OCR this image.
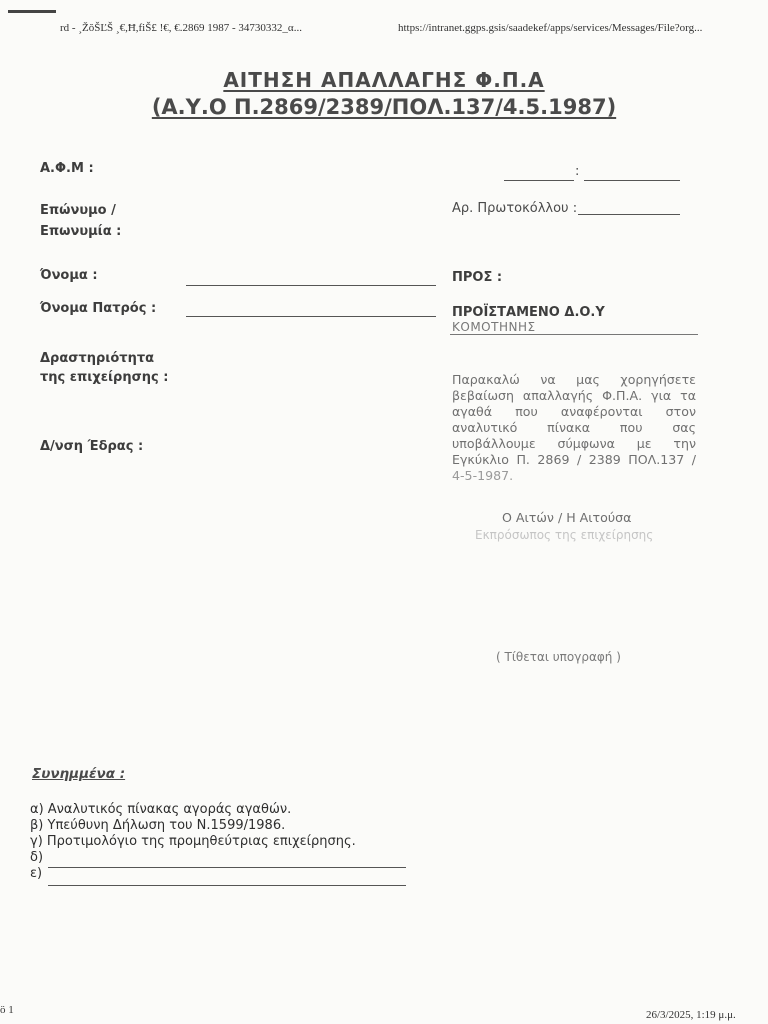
rd - ¸ŽŏŠĽŠ ¸€,Ħ,fiŠ£ !€, €.2869 1987 - 34730332_α...	https://intranet.ggps.gsis/saadekef/apps/services/Messages/File?org...
ΑΙΤΗΣΗ ΑΠΑΛΛΑΓΗΣ Φ.Π.Α
(Α.Υ.Ο Π.2869/2389/ΠΟΛ.137/4.5.1987)
Α.Φ.Μ :
Επώνυμο /
Επωνυμία :
Όνομα :
Όνομα Πατρός :
Δραστηριότητα
της επιχείρησης :
Δ/νση Έδρας :
:
Αρ. Πρωτοκόλλου :
ΠΡΟΣ :
ΠΡΟΪΣΤΑΜΕΝΟ Δ.Ο.Υ
ΚΟΜΟΤΗΝΗΣ
Παρακαλώ να μας χορηγήσετε
βεβαίωση απαλλαγής Φ.Π.Α. για τα
αγαθά που αναφέρονται στον
αναλυτικό πίνακα που σας
υποβάλλουμε σύμφωνα με την
Εγκύκλιο Π. 2869 / 2389 ΠΟΛ.137 /
4-5-1987.
Ο Αιτών / Η Αιτούσα
Εκπρόσωπος της επιχείρησης
( Τίθεται υπογραφή )
Συνημμένα :
α) Αναλυτικός πίνακας αγοράς αγαθών.
β) Υπεύθυνη Δήλωση του Ν.1599/1986.
γ) Προτιμολόγιο της προμηθεύτριας επιχείρησης.
δ)
ε)
ö 1	26/3/2025, 1:19 μ.μ.
